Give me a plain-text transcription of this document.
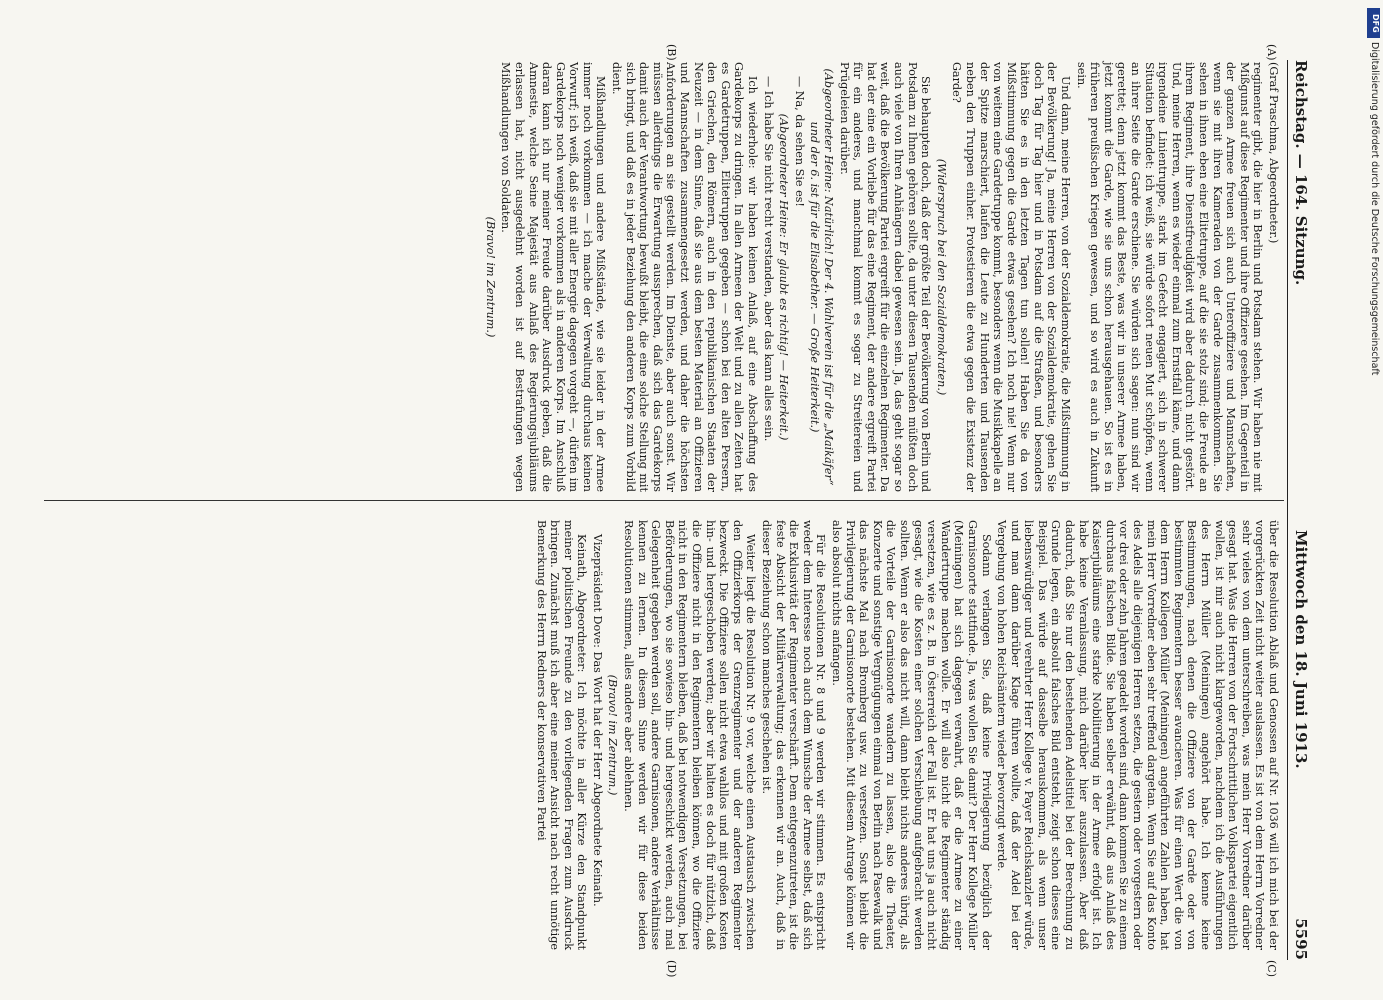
Reichstag. — 164. Sitzung.
Mittwoch den 18. Juni 1913.
5595
(A)
(B)
(C)
(D)

(Graf Praschma, Abgeordneter.)

regimenter gibt, die hier in Berlin und Potsdam stehen. Wir haben nie mit Mißgunst auf diese Regimenter und ihre Offiziere gesehen. Im Gegenteil in der ganzen Armee freuen sich auch Unteroffiziere und Mannschaften, wenn sie mit ihren Kameraden von der Garde zusammenkommen. Sie sehen in ihnen eben eine Elitetruppe, auf die sie stolz sind; die Freude an ihrem Regiment, ihre Dienstfreudigkeit wird aber dadurch nicht gestört. Und, meine Herren, wenn es wieder einmal zum Ernstfall käme, und dann irgendeine Linientruppe, stark im Gefecht engagiert, sich in schwerer Situation befindet: ich weiß, sie würde sofort neuen Mut schöpfen, wenn an ihrer Seite die Garde erschiene. Sie würden sich sagen: nun sind wir gerettet; denn jetzt kommt das Beste, was wir in unserer Armee haben, jetzt kommt die Garde, wie sie uns schon herausgehauen. So ist es in früheren preußischen Kriegen gewesen, und so wird es auch in Zukunft sein.

Und dann, meine Herren, von der Sozialdemokratie, die Mißstimmung in der Bevölkerung! Ja, meine Herren von der Sozialdemokratie, gehen Sie doch Tag für Tag hier und in Potsdam auf die Straßen, und besonders hätten Sie es in den letzten Tagen tun sollen! Haben Sie da von Mißstimmung gegen die Garde etwas gesehen? Ich noch nie! Wenn nur von weitem eine Gardetruppe kommt, besonders wenn die Musikkapelle an der Spitze marschiert, laufen die Leute zu Hunderten und Tausenden neben den Truppen einher. Protestieren die etwa gegen die Existenz der Garde?

(Widerspruch bei den Sozialdemokraten.)

Sie behaupten doch, daß der größte Teil der Bevölkerung von Berlin und Potsdam zu Ihnen gehören sollte, da unter diesen Tausenden müßten doch auch viele von Ihren Anhängern dabei gewesen sein. Ja, das geht sogar so weit, daß die Bevölkerung Partei ergreift für die einzelnen Regimenter. Da hat der eine ein Vorliebe für das eine Regiment, der andere ergreift Partei für ein anderes, und manchmal kommt es sogar zu Streitereien und Prügeleien darüber.

(Abgeordneter Heine: Natürlich! Der 4. Wahlverein ist für die „Maikäfer“ und der 6. ist für die Elisabether. — Große Heiterkeit.)

— Na, da sehen Sie es!

(Abgeordneter Heine: Er glaubt es richtig! — Heiterkeit.)

— Ich habe Sie nicht recht verstanden, aber das kann alles sein.

Ich wiederhole: wir haben keinen Anlaß, auf eine Abschaffung des Gardekorps zu dringen. In allen Armeen der Welt und zu allen Zeiten hat es Gardetruppen, Elitetruppen gegeben — schon bei den alten Persern, den Griechen, den Römern, auch in den republikanischen Staaten der Neuzeit — in dem Sinne, daß sie aus dem besten Material an Offizieren und Mannschaften zusammengesetzt werden, und daher die höchsten Anforderungen an sie gestellt werden. Im Dienste, aber auch sonst. Wir müssen allerdings die Erwartung aussprechen, daß sich das Gardekorps damit auch der Verantwortung bewußt bleibt, die eine solche Stellung mit sich bringt, und daß es in jeder Beziehung den anderen Korps zum Vorbild dient.

Mißhandlungen und andere Mißstände, wie sie leider in der Armee immer noch vorkommen — ich mache der Verwaltung durchaus keinen Vorwurf; ich weiß, daß sie mit aller Energie dagegen vorgeht —, dürfen im Gardekorps noch weniger vorkommen als in anderen Korps. Im Anschluß daran kann ich nur meiner Freude darüber Ausdruck geben, daß die Amnestie, welche Seine Majestät aus Anlaß des Regierungsjubiläums erlassen hat, nicht ausgedehnt worden ist auf Bestrafungen wegen Mißhandlungen von Soldaten.

(Bravo! im Zentrum.)

über die Resolution Ablaß und Genossen auf Nr. 1036 will ich mich bei der vorgerückten Zeit nicht weiter auslassen. Es ist von dem Herrn Vorredner sehr vieles von dem unterschreiben, was mein Herr Vorredner darüber gesagt hat. Was die Herren von der Fortschrittlichen Volkspartei eigentlich wollen, ist mir auch nicht klargeworden, nachdem ich die Ausführungen des Herrn Müller (Meiningen) angehört habe. Ich kenne keine Bestimmungen, nach denen die Offiziere von der Garde oder von bestimmten Regimentern besser avancieren. Was für einen Wert die von dem Herrn Kollegen Müller (Meiningen) angeführten Zahlen haben, hat mein Herr Vorredner eben sehr treffend dargetan. Wenn Sie auf das Konto des Adels alle diejenigen Herren setzen, die gestern oder vorgestern oder vor drei oder zehn Jahren geadelt worden sind, dann kommen Sie zu einem durchaus falschen Bilde. Sie haben selber erwähnt, daß aus Anlaß des Kaiserjubiläums eine starke Nobilitierung in der Armee erfolgt ist. Ich habe keine Veranlassung, mich darüber hier auszulassen. Aber daß dadurch, daß Sie nur den bestehenden Adelstitel bei der Berechnung zu Grunde legen, ein absolut falsches Bild entsteht, zeigt schon dieses eine Beispiel. Das würde auf dasselbe herauskommen, als wenn unser liebenswürdiger und verehrter Herr Kollege v. Payer Reichskanzler würde, und man dann darüber Klage führen wollte, daß der Adel bei der Vergebung von hohen Reichsämtern wieder bevorzugt werde.

Sodann verlangen Sie, daß keine Privilegierung bezüglich der Garnisonorte stattfinde. Ja, was wollen Sie damit? Der Herr Kollege Müller (Meiningen) hat sich dagegen verwahrt, daß er die Armee zu einer Wandertruppe machen wolle. Er will also nicht die Regimenter ständig versetzen, wie es z. B. in Österreich der Fall ist. Er hat uns ja auch nicht gesagt, wie die Kosten einer solchen Verschiebung aufgebracht werden sollten. Wenn er also das nicht will, dann bleibt nichts anderes übrig, als die Vorteile der Garnisonorte wandern zu lassen, also die Theater, Konzerte und sonstige Vergnügungen einmal von Berlin nach Pasewalk und das nächste Mal nach Bromberg usw. zu versetzen. Sonst bleibt die Privilegierung der Garnisonorte bestehen. Mit diesem Antrage können wir also absolut nichts anfangen.

Für die Resolutionen Nr. 8 und 9 werden wir stimmen. Es entspricht weder dem Interesse noch auch dem Wunsche der Armee selbst, daß sich die Exklusivität der Regimenter verschärft. Dem entgegenzutreten, ist die feste Absicht der Militärverwaltung; das erkennen wir an. Auch, daß in dieser Beziehung schon manches geschehen ist.

Weiter liegt die Resolution Nr. 9 vor, welche einen Austausch zwischen den Offizierkorps der Grenzregimenter und der anderen Regimenter bezweckt. Die Offiziere sollen nicht etwa wahllos und mit großen Kosten hin- und hergeschoben werden; aber wir halten es doch für nützlich, daß die Offiziere nicht in den Regimentern bleiben können, wo die Offiziere nicht in den Regimentern bleiben, daß bei notwendigen Versetzungen, bei Beförderungen, wo sie sowieso hin- und hergeschickt werden, auch mal Gelegenheit gegeben werden soll, andere Garnisonen, andere Verhältnisse kennen zu lernen. In diesem Sinne werden wir für diese beiden Resolutionen stimmen, alles andere aber ablehnen.

(Bravo! im Zentrum.)

Vizepräsident Dove: Das Wort hat der Herr Abgeordnete Keinath.

Keinath, Abgeordneter: Ich möchte in aller Kürze den Standpunkt meiner politischen Freunde zu den vorliegenden Fragen zum Ausdruck bringen. Zunächst muß ich aber eine meiner Ansicht nach recht unnötige Bemerkung des Herrn Redners der konservativen Partei

DFG
Digitalisierung gefördert durch die Deutsche Forschungsgemeinschaft
